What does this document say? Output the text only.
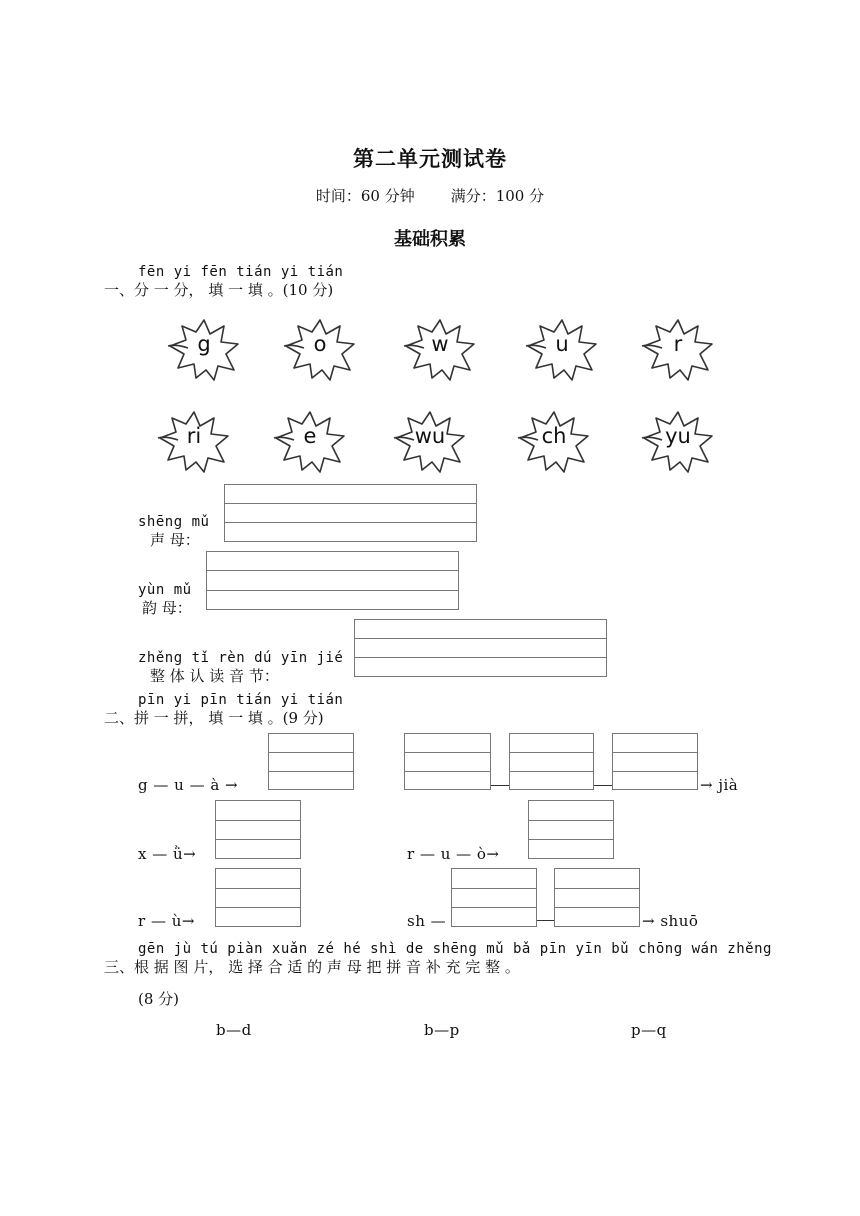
第二单元测试卷
时间：60 分钟 满分：100 分
基础积累
fēn yi fēn tián yi tián
一、分 一 分， 填 一 填 。(10 分)
g	o	w	u	r
ri	e	wu	ch	yu
shēng mǔ
声 母：
yùn mǔ
韵 母：
zhěng tǐ rèn dú yīn jié
整 体 认 读 音 节：
pīn yi pīn tián yi tián
二、拼 一 拼， 填 一 填 。(9 分)
g — u — à →	→ jià
x — ǜ→	r — u — ò→
r — ù→	sh —	→ shuō
gēn jù tú piàn xuǎn zé hé shì de shēng mǔ bǎ pīn yīn bǔ chōng wán zhěng
三、根 据 图 片， 选 择 合 适 的 声 母 把 拼 音 补 充 完 整 。
(8 分)
b—d	b—p	p—q
